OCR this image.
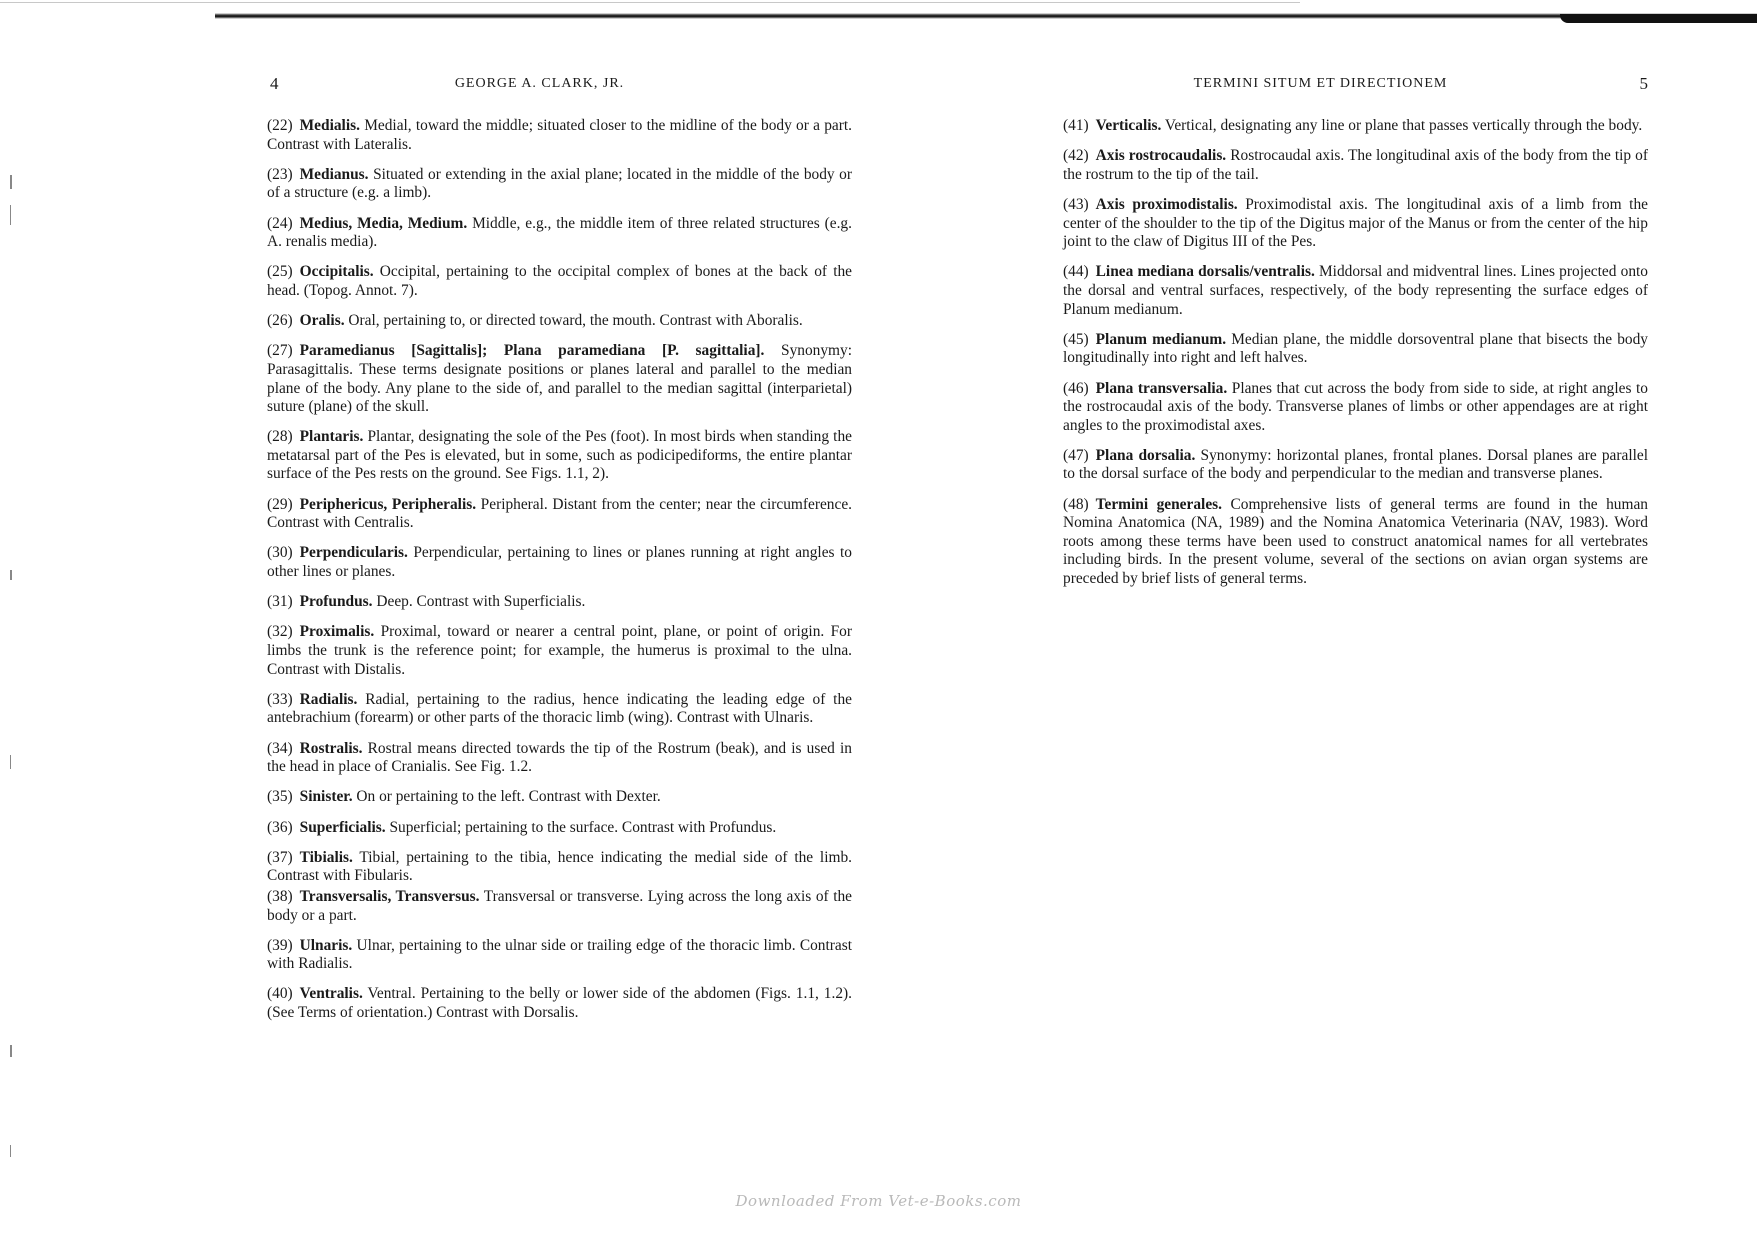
4	GEORGE A. CLARK, JR.

(22) Medialis. Medial, toward the middle; situated closer to the midline of the body or a part. Contrast with Lateralis.

(23) Medianus. Situated or extending in the axial plane; located in the middle of the body or of a structure (e.g. a limb).

(24) Medius, Media, Medium. Middle, e.g., the middle item of three related structures (e.g. A. renalis media).

(25) Occipitalis. Occipital, pertaining to the occipital complex of bones at the back of the head. (Topog. Annot. 7).

(26) Oralis. Oral, pertaining to, or directed toward, the mouth. Contrast with Aboralis.

(27) Paramedianus [Sagittalis]; Plana paramediana [P. sagittalia]. Synonymy: Parasagittalis. These terms designate positions or planes lateral and parallel to the median plane of the body. Any plane to the side of, and parallel to the median sagittal (interparietal) suture (plane) of the skull.

(28) Plantaris. Plantar, designating the sole of the Pes (foot). In most birds when standing the metatarsal part of the Pes is elevated, but in some, such as podicipediforms, the entire plantar surface of the Pes rests on the ground. See Figs. 1.1, 2).

(29) Periphericus, Peripheralis. Peripheral. Distant from the center; near the circumference. Contrast with Centralis.

(30) Perpendicularis. Perpendicular, pertaining to lines or planes running at right angles to other lines or planes.

(31) Profundus. Deep. Contrast with Superficialis.

(32) Proximalis. Proximal, toward or nearer a central point, plane, or point of origin. For limbs the trunk is the reference point; for example, the humerus is proximal to the ulna. Contrast with Distalis.

(33) Radialis. Radial, pertaining to the radius, hence indicating the leading edge of the antebrachium (forearm) or other parts of the thoracic limb (wing). Contrast with Ulnaris.

(34) Rostralis. Rostral means directed towards the tip of the Rostrum (beak), and is used in the head in place of Cranialis. See Fig. 1.2.

(35) Sinister. On or pertaining to the left. Contrast with Dexter.

(36) Superficialis. Superficial; pertaining to the surface. Contrast with Profundus.

(37) Tibialis. Tibial, pertaining to the tibia, hence indicating the medial side of the limb. Contrast with Fibularis.

(38) Transversalis, Transversus. Transversal or transverse. Lying across the long axis of the body or a part.

(39) Ulnaris. Ulnar, pertaining to the ulnar side or trailing edge of the thoracic limb. Contrast with Radialis.

(40) Ventralis. Ventral. Pertaining to the belly or lower side of the abdomen (Figs. 1.1, 1.2). (See Terms of orientation.) Contrast with Dorsalis.

5
TERMINI SITUM ET DIRECTIONEM

(41) Verticalis. Vertical, designating any line or plane that passes vertically through the body.

(42) Axis rostrocaudalis. Rostrocaudal axis. The longitudinal axis of the body from the tip of the rostrum to the tip of the tail.

(43) Axis proximodistalis. Proximodistal axis. The longitudinal axis of a limb from the center of the shoulder to the tip of the Digitus major of the Manus or from the center of the hip joint to the claw of Digitus III of the Pes.

(44) Linea mediana dorsalis/ventralis. Middorsal and midventral lines. Lines projected onto the dorsal and ventral surfaces, respectively, of the body representing the surface edges of Planum medianum.

(45) Planum medianum. Median plane, the middle dorsoventral plane that bisects the body longitudinally into right and left halves.

(46) Plana transversalia. Planes that cut across the body from side to side, at right angles to the rostrocaudal axis of the body. Transverse planes of limbs or other appendages are at right angles to the proximodistal axes.

(47) Plana dorsalia. Synonymy: horizontal planes, frontal planes. Dorsal planes are parallel to the dorsal surface of the body and perpendicular to the median and transverse planes.

(48) Termini generales. Comprehensive lists of general terms are found in the human Nomina Anatomica (NA, 1989) and the Nomina Anatomica Veterinaria (NAV, 1983). Word roots among these terms have been used to construct anatomical names for all vertebrates including birds. In the present volume, several of the sections on avian organ systems are preceded by brief lists of general terms.

Downloaded From Vet-e-Books.com
